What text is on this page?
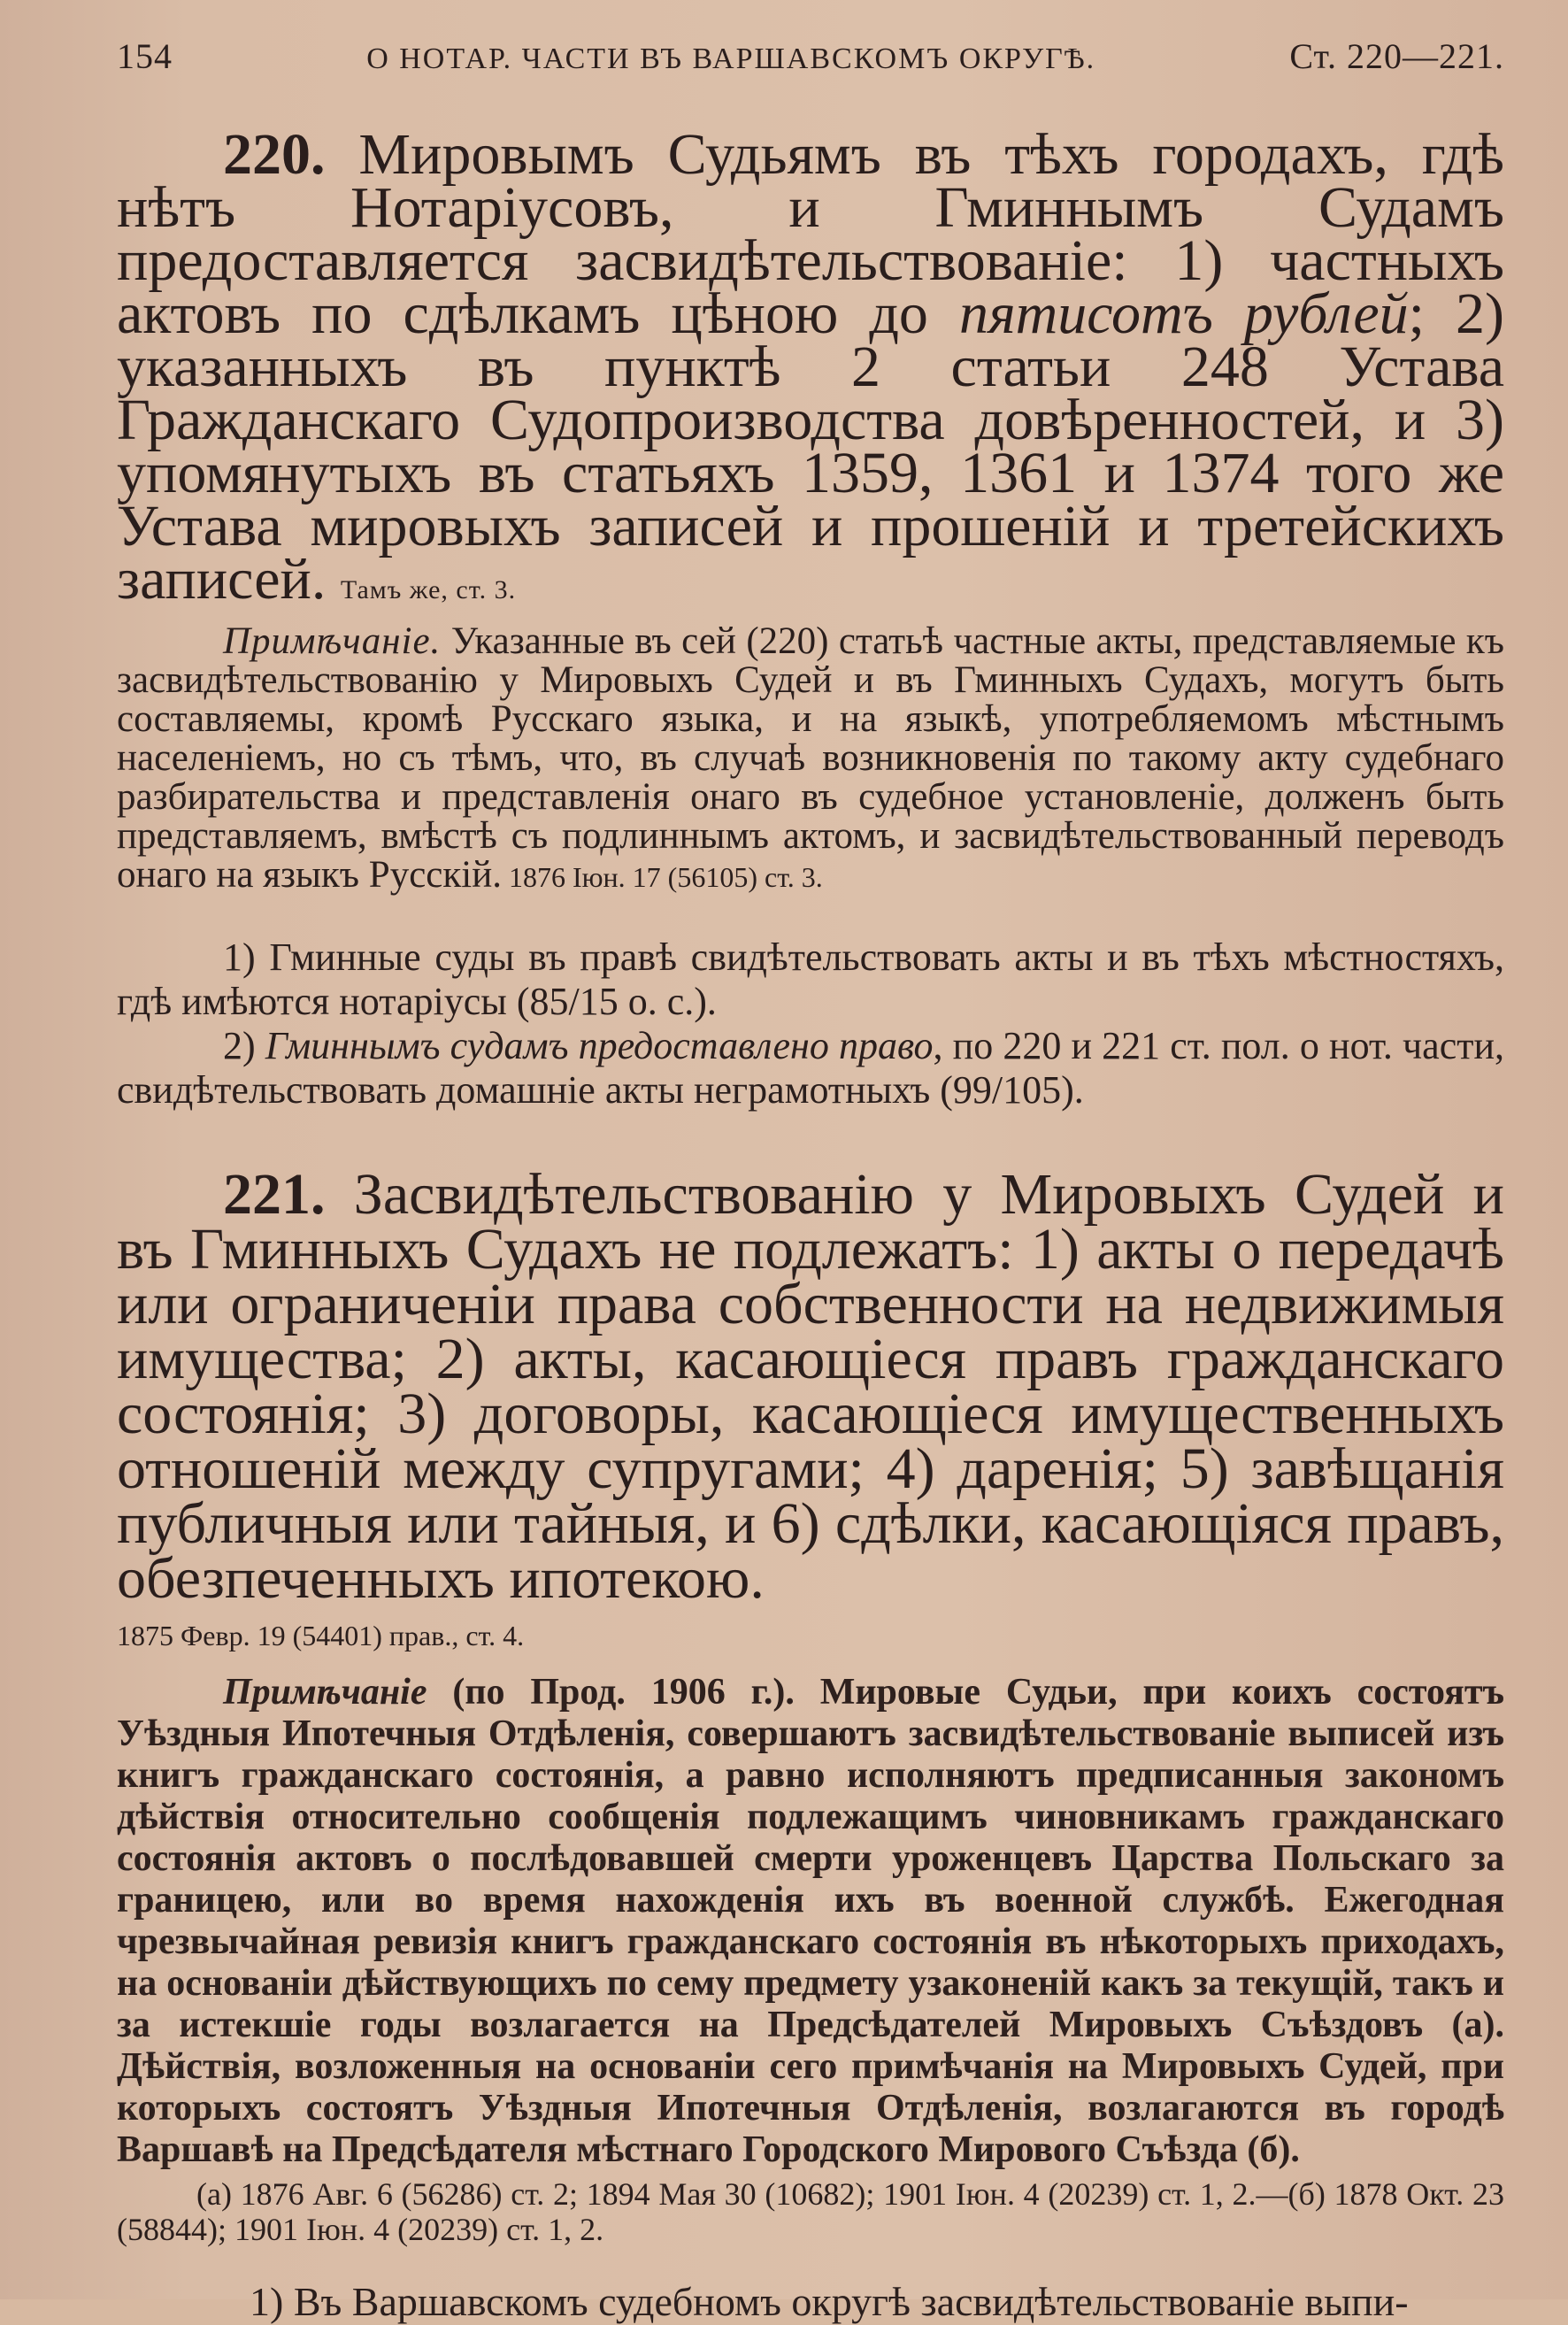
154	О НОТАР. ЧАСТИ ВЪ ВАРШАВСКОМЪ ОКРУГѢ.	Ст. 220—221.

220. Мировымъ Судьямъ въ тѣхъ городахъ, гдѣ нѣтъ Нотаріусовъ, и Гминнымъ Судамъ предоставляется засвидѣтельствованіе: 1) частныхъ актовъ по сдѣлкамъ цѣною до пятисотъ рублей; 2) указанныхъ въ пунктѣ 2 статьи 248 Устава Гражданскаго Судопроизводства довѣренностей, и 3) упомянутыхъ въ статьяхъ 1359, 1361 и 1374 того же Устава мировыхъ записей и прошеній и третейскихъ записей. Тамъ же, ст. 3.

Примѣчаніе. Указанные въ сей (220) статьѣ частные акты, представляемые къ засвидѣтельствованію у Мировыхъ Судей и въ Гминныхъ Судахъ, могутъ быть составляемы, кромѣ Русскаго языка, и на языкѣ, употребляемомъ мѣстнымъ населеніемъ, но съ тѣмъ, что, въ случаѣ возникновенія по такому акту судебнаго разбирательства и представленія онаго въ судебное установленіе, долженъ быть представляемъ, вмѣстѣ съ подлиннымъ актомъ, и засвидѣтельствованный переводъ онаго на языкъ Русскій. 1876 Іюн. 17 (56105) ст. 3.

1) Гминные суды въ правѣ свидѣтельствовать акты и въ тѣхъ мѣстностяхъ, гдѣ имѣются нотаріусы (85/15 о. с.).

2) Гминнымъ судамъ предоставлено право, по 220 и 221 ст. пол. о нот. части, свидѣтельствовать домашніе акты неграмотныхъ (99/105).

221. Засвидѣтельствованію у Мировыхъ Судей и въ Гминныхъ Судахъ не подлежатъ: 1) акты о передачѣ или ограниченіи права собственности на недвижимыя имущества; 2) акты, касающіеся правъ гражданскаго состоянія; 3) договоры, касающіеся имущественныхъ отношеній между супругами; 4) даренія; 5) завѣщанія публичныя или тайныя, и 6) сдѣлки, касающіяся правъ, обезпеченныхъ ипотекою.
1875 Февр. 19 (54401) прав., ст. 4.

Примѣчаніе (по Прод. 1906 г.). Мировые Судьи, при коихъ состоятъ Уѣздныя Ипотечныя Отдѣленія, совершаютъ засвидѣтельствованіе выписей изъ книгъ гражданскаго состоянія, а равно исполняютъ предписанныя закономъ дѣйствія относительно сообщенія подлежащимъ чиновникамъ гражданскаго состоянія актовъ о послѣдовавшей смерти уроженцевъ Царства Польскаго за границею, или во время нахожденія ихъ въ военной службѣ. Ежегодная чрезвычайная ревизія книгъ гражданскаго состоянія въ нѣкоторыхъ приходахъ, на основаніи дѣйствующихъ по сему предмету узаконеній какъ за текущій, такъ и за истекшіе годы возлагается на Предсѣдателей Мировыхъ Съѣздовъ (а). Дѣйствія, возложенныя на основаніи сего примѣчанія на Мировыхъ Судей, при которыхъ состоятъ Уѣздныя Ипотечныя Отдѣленія, возлагаются въ городѣ Варшавѣ на Предсѣдателя мѣстнаго Городского Мирового Съѣзда (б).

(а) 1876 Авг. 6 (56286) ст. 2; 1894 Мая 30 (10682); 1901 Іюн. 4 (20239) ст. 1, 2.—(б) 1878 Окт. 23 (58844); 1901 Іюн. 4 (20239) ст. 1, 2.

1) Въ Варшавскомъ судебномъ округѣ засвидѣтельствованіе выпи-
